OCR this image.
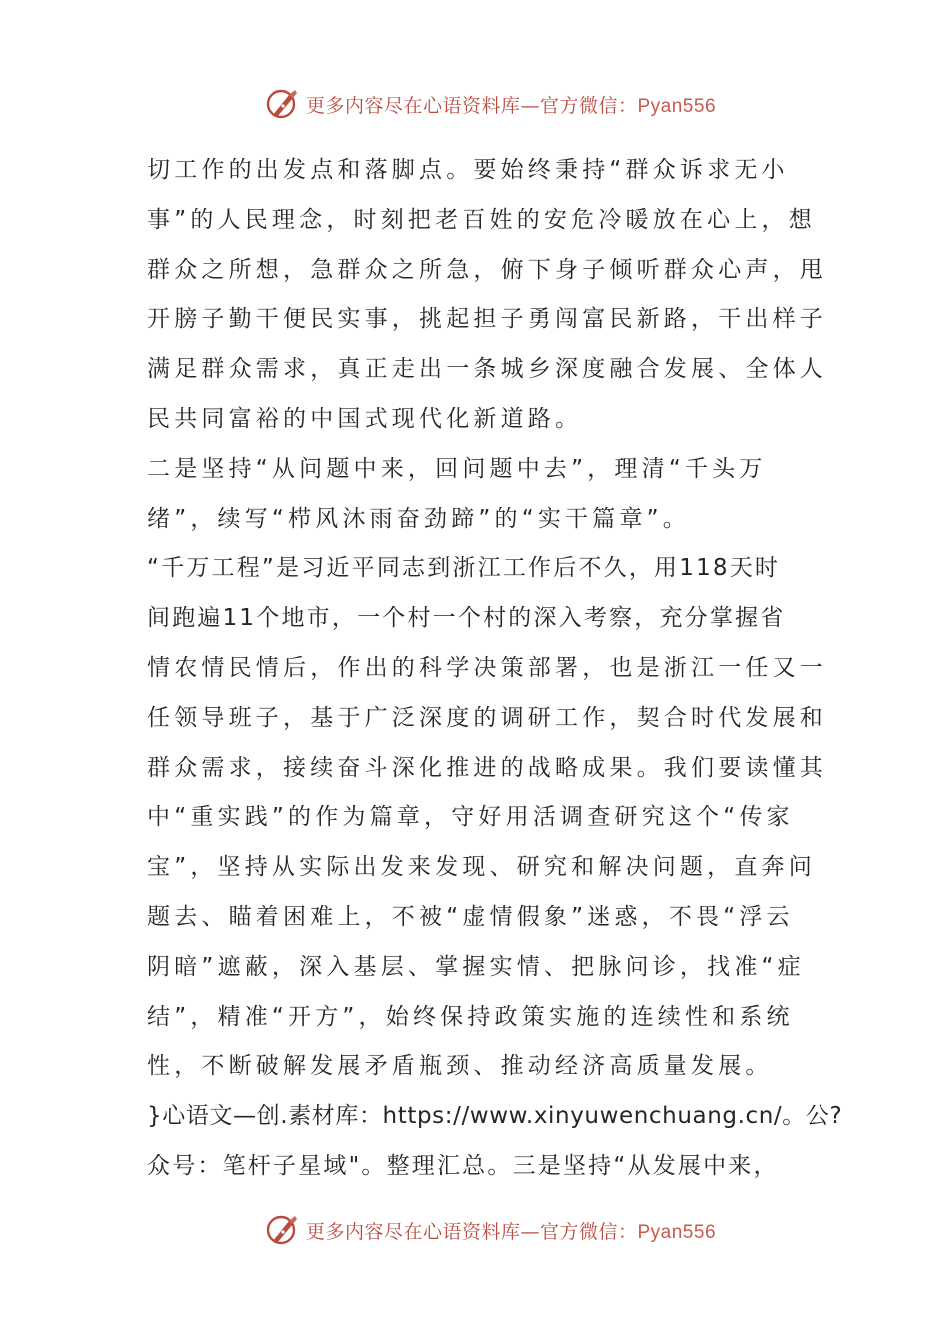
更多内容尽在心语资料库—官方微信：Pyan556
切工作的出发点和落脚点。要始终秉持“群众诉求无小
事”的人民理念，时刻把老百姓的安危冷暖放在心上，想
群众之所想，急群众之所急，俯下身子倾听群众心声，甩
开膀子勤干便民实事，挑起担子勇闯富民新路，干出样子
满足群众需求，真正走出一条城乡深度融合发展、全体人
民共同富裕的中国式现代化新道路。
二是坚持“从问题中来，回问题中去”，理清“千头万
绪”，续写“栉风沐雨奋劲蹄”的“实干篇章”。
“千万工程”是习近平同志到浙江工作后不久，用118天时
间跑遍11个地市，一个村一个村的深入考察，充分掌握省
情农情民情后，作出的科学决策部署，也是浙江一任又一
任领导班子，基于广泛深度的调研工作，契合时代发展和
群众需求，接续奋斗深化推进的战略成果。我们要读懂其
中“重实践”的作为篇章，守好用活调查研究这个“传家
宝”，坚持从实际出发来发现、研究和解决问题，直奔问
题去、瞄着困难上，不被“虚情假象”迷惑，不畏“浮云
阴暗”遮蔽，深入基层、掌握实情、把脉问诊，找准“症
结”，精准“开方”，始终保持政策实施的连续性和系统
性，不断破解发展矛盾瓶颈、推动经济高质量发展。
}心语文—创.素材库：https://www.xinyuwenchuang.cn/。公?
众号：笔杆子星域"。整理汇总。三是坚持“从发展中来，
更多内容尽在心语资料库—官方微信：Pyan556
